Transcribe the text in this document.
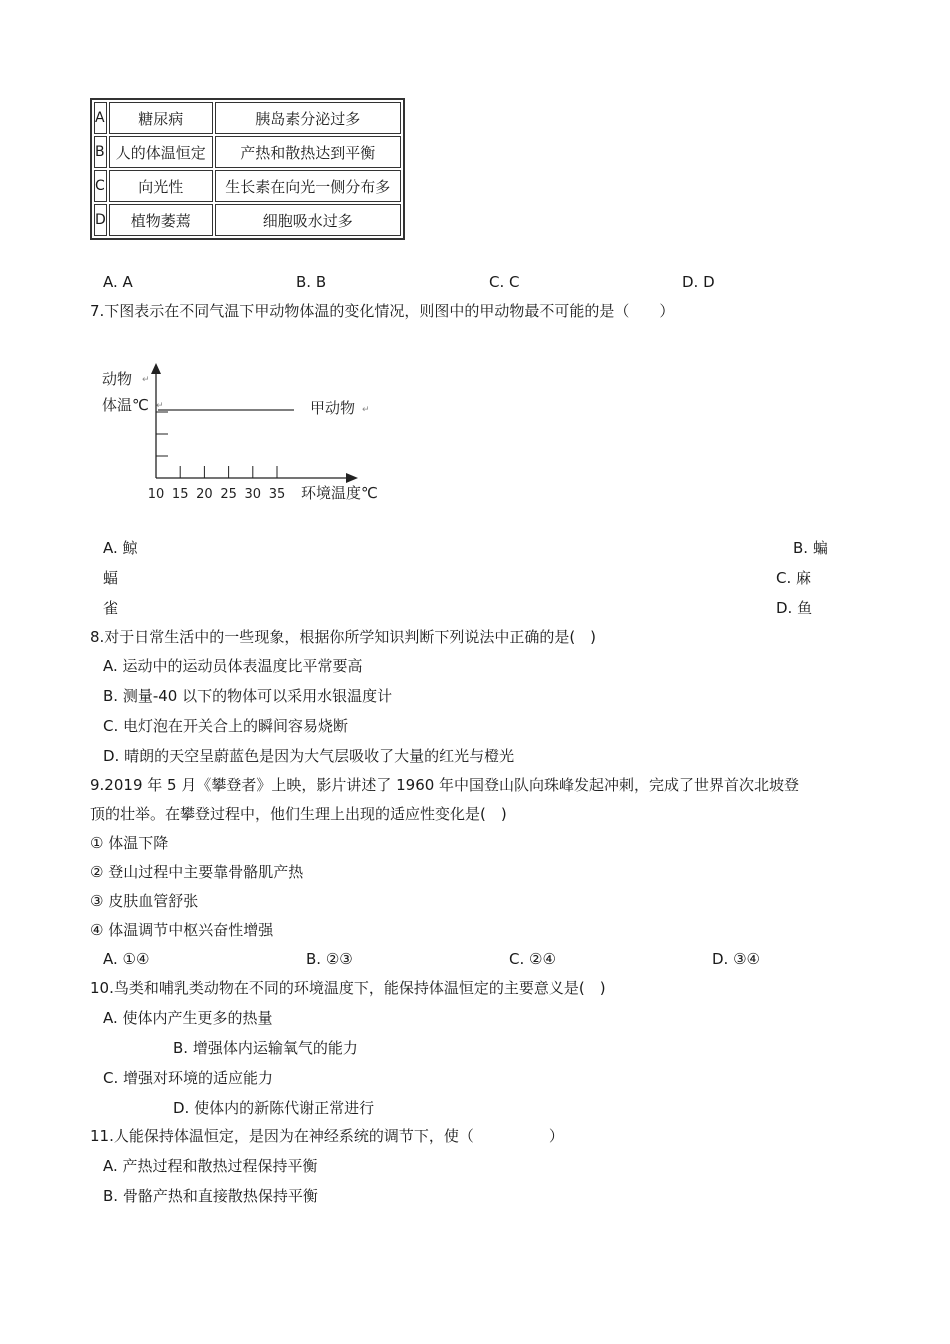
A	糖尿病	胰岛素分泌过多
B	人的体温恒定	产热和散热达到平衡
C	向光性	生长素在向光一侧分布多
D	植物萎蔫	细胞吸水过多
A. A	B. B	C. C	D. D
7.下图表示在不同气温下甲动物体温的变化情况，则图中的甲动物最不可能的是（　　）
动物
体温℃
↵
↵
10 15 20 25 30 35
甲动物 ↵
环境温度℃
A. 鲸	B. 蝙
蝠	C. 麻
雀	D. 鱼
8.对于日常生活中的一些现象，根据你所学知识判断下列说法中正确的是(　)
A. 运动中的运动员体表温度比平常要高
B. 测量-40 以下的物体可以采用水银温度计
C. 电灯泡在开关合上的瞬间容易烧断
D. 晴朗的天空呈蔚蓝色是因为大气层吸收了大量的红光与橙光
9.2019 年 5 月《攀登者》上映，影片讲述了 1960 年中国登山队向珠峰发起冲刺，完成了世界首次北坡登
顶的壮举。在攀登过程中，他们生理上出现的适应性变化是(　)
① 体温下降
② 登山过程中主要靠骨骼肌产热
③ 皮肤血管舒张
④ 体温调节中枢兴奋性增强
A. ①④	B. ②③	C. ②④	D. ③④
10.鸟类和哺乳类动物在不同的环境温度下，能保持体温恒定的主要意义是(　)
A. 使体内产生更多的热量
B. 增强体内运输氧气的能力
C. 增强对环境的适应能力
D. 使体内的新陈代谢正常进行
11.人能保持体温恒定，是因为在神经系统的调节下，使（　　　　　）
A. 产热过程和散热过程保持平衡
B. 骨骼产热和直接散热保持平衡
